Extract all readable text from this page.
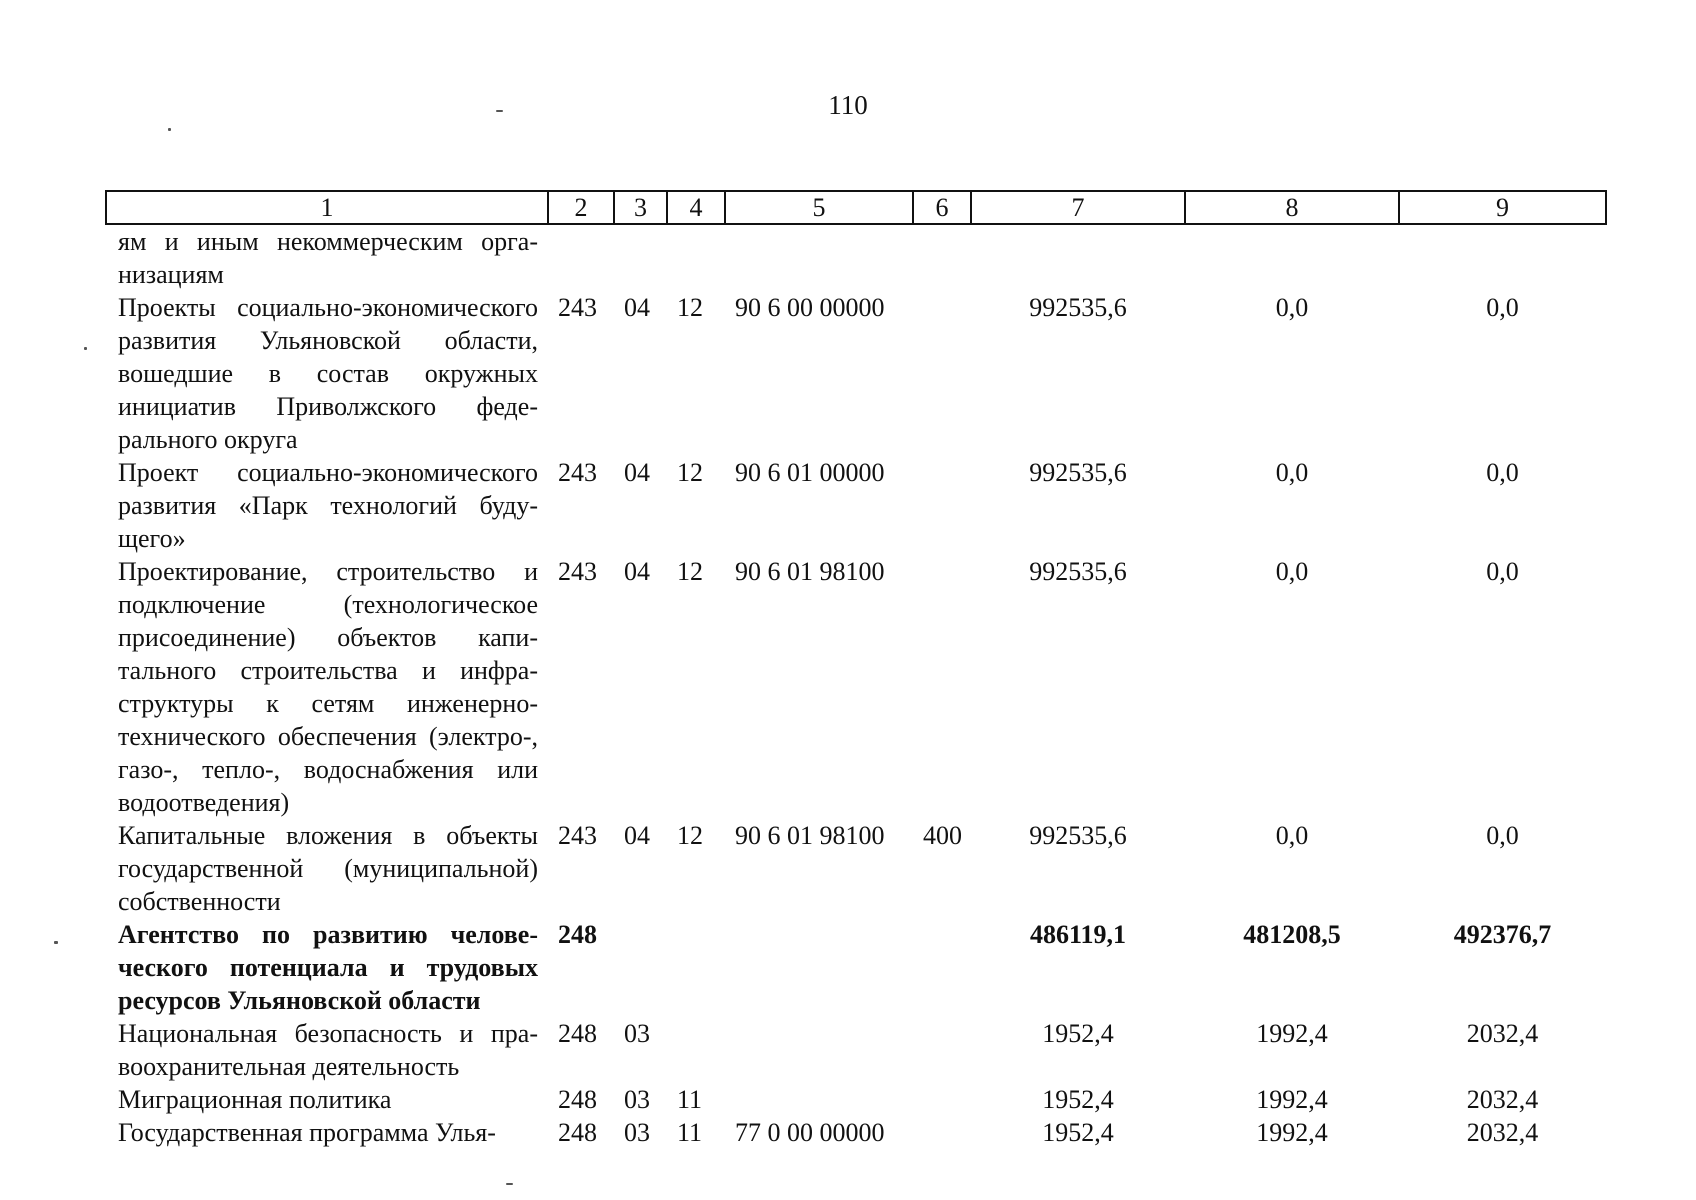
110
1	2	3	4	5	6	7	8	9
ям и иным некоммерческим организациям								
Проекты социально-экономического развития Ульяновской области, вошедшие в состав окружных инициатив Приволжского федерального округа	243	04	12	90 6 00 00000		992535,6	0,0	0,0
Проект социально-экономического развития «Парк технологий будущего»	243	04	12	90 6 01 00000		992535,6	0,0	0,0
Проектирование, строительство и подключение (технологическое присоединение) объектов капитального строительства и инфраструктуры к сетям инженерно-технического обеспечения (электро-, газо-, тепло-, водоснабжения или водоотведения)	243	04	12	90 6 01 98100		992535,6	0,0	0,0
Капитальные вложения в объекты государственной (муниципальной) собственности	243	04	12	90 6 01 98100	400	992535,6	0,0	0,0
Агентство по развитию человеческого потенциала и трудовых ресурсов Ульяновской области	248					486119,1	481208,5	492376,7
Национальная безопасность и правоохранительная деятельность	248	03				1952,4	1992,4	2032,4
Миграционная политика	248	03	11			1952,4	1992,4	2032,4
Государственная программа Улья-	248	03	11	77 0 00 00000		1952,4	1992,4	2032,4
